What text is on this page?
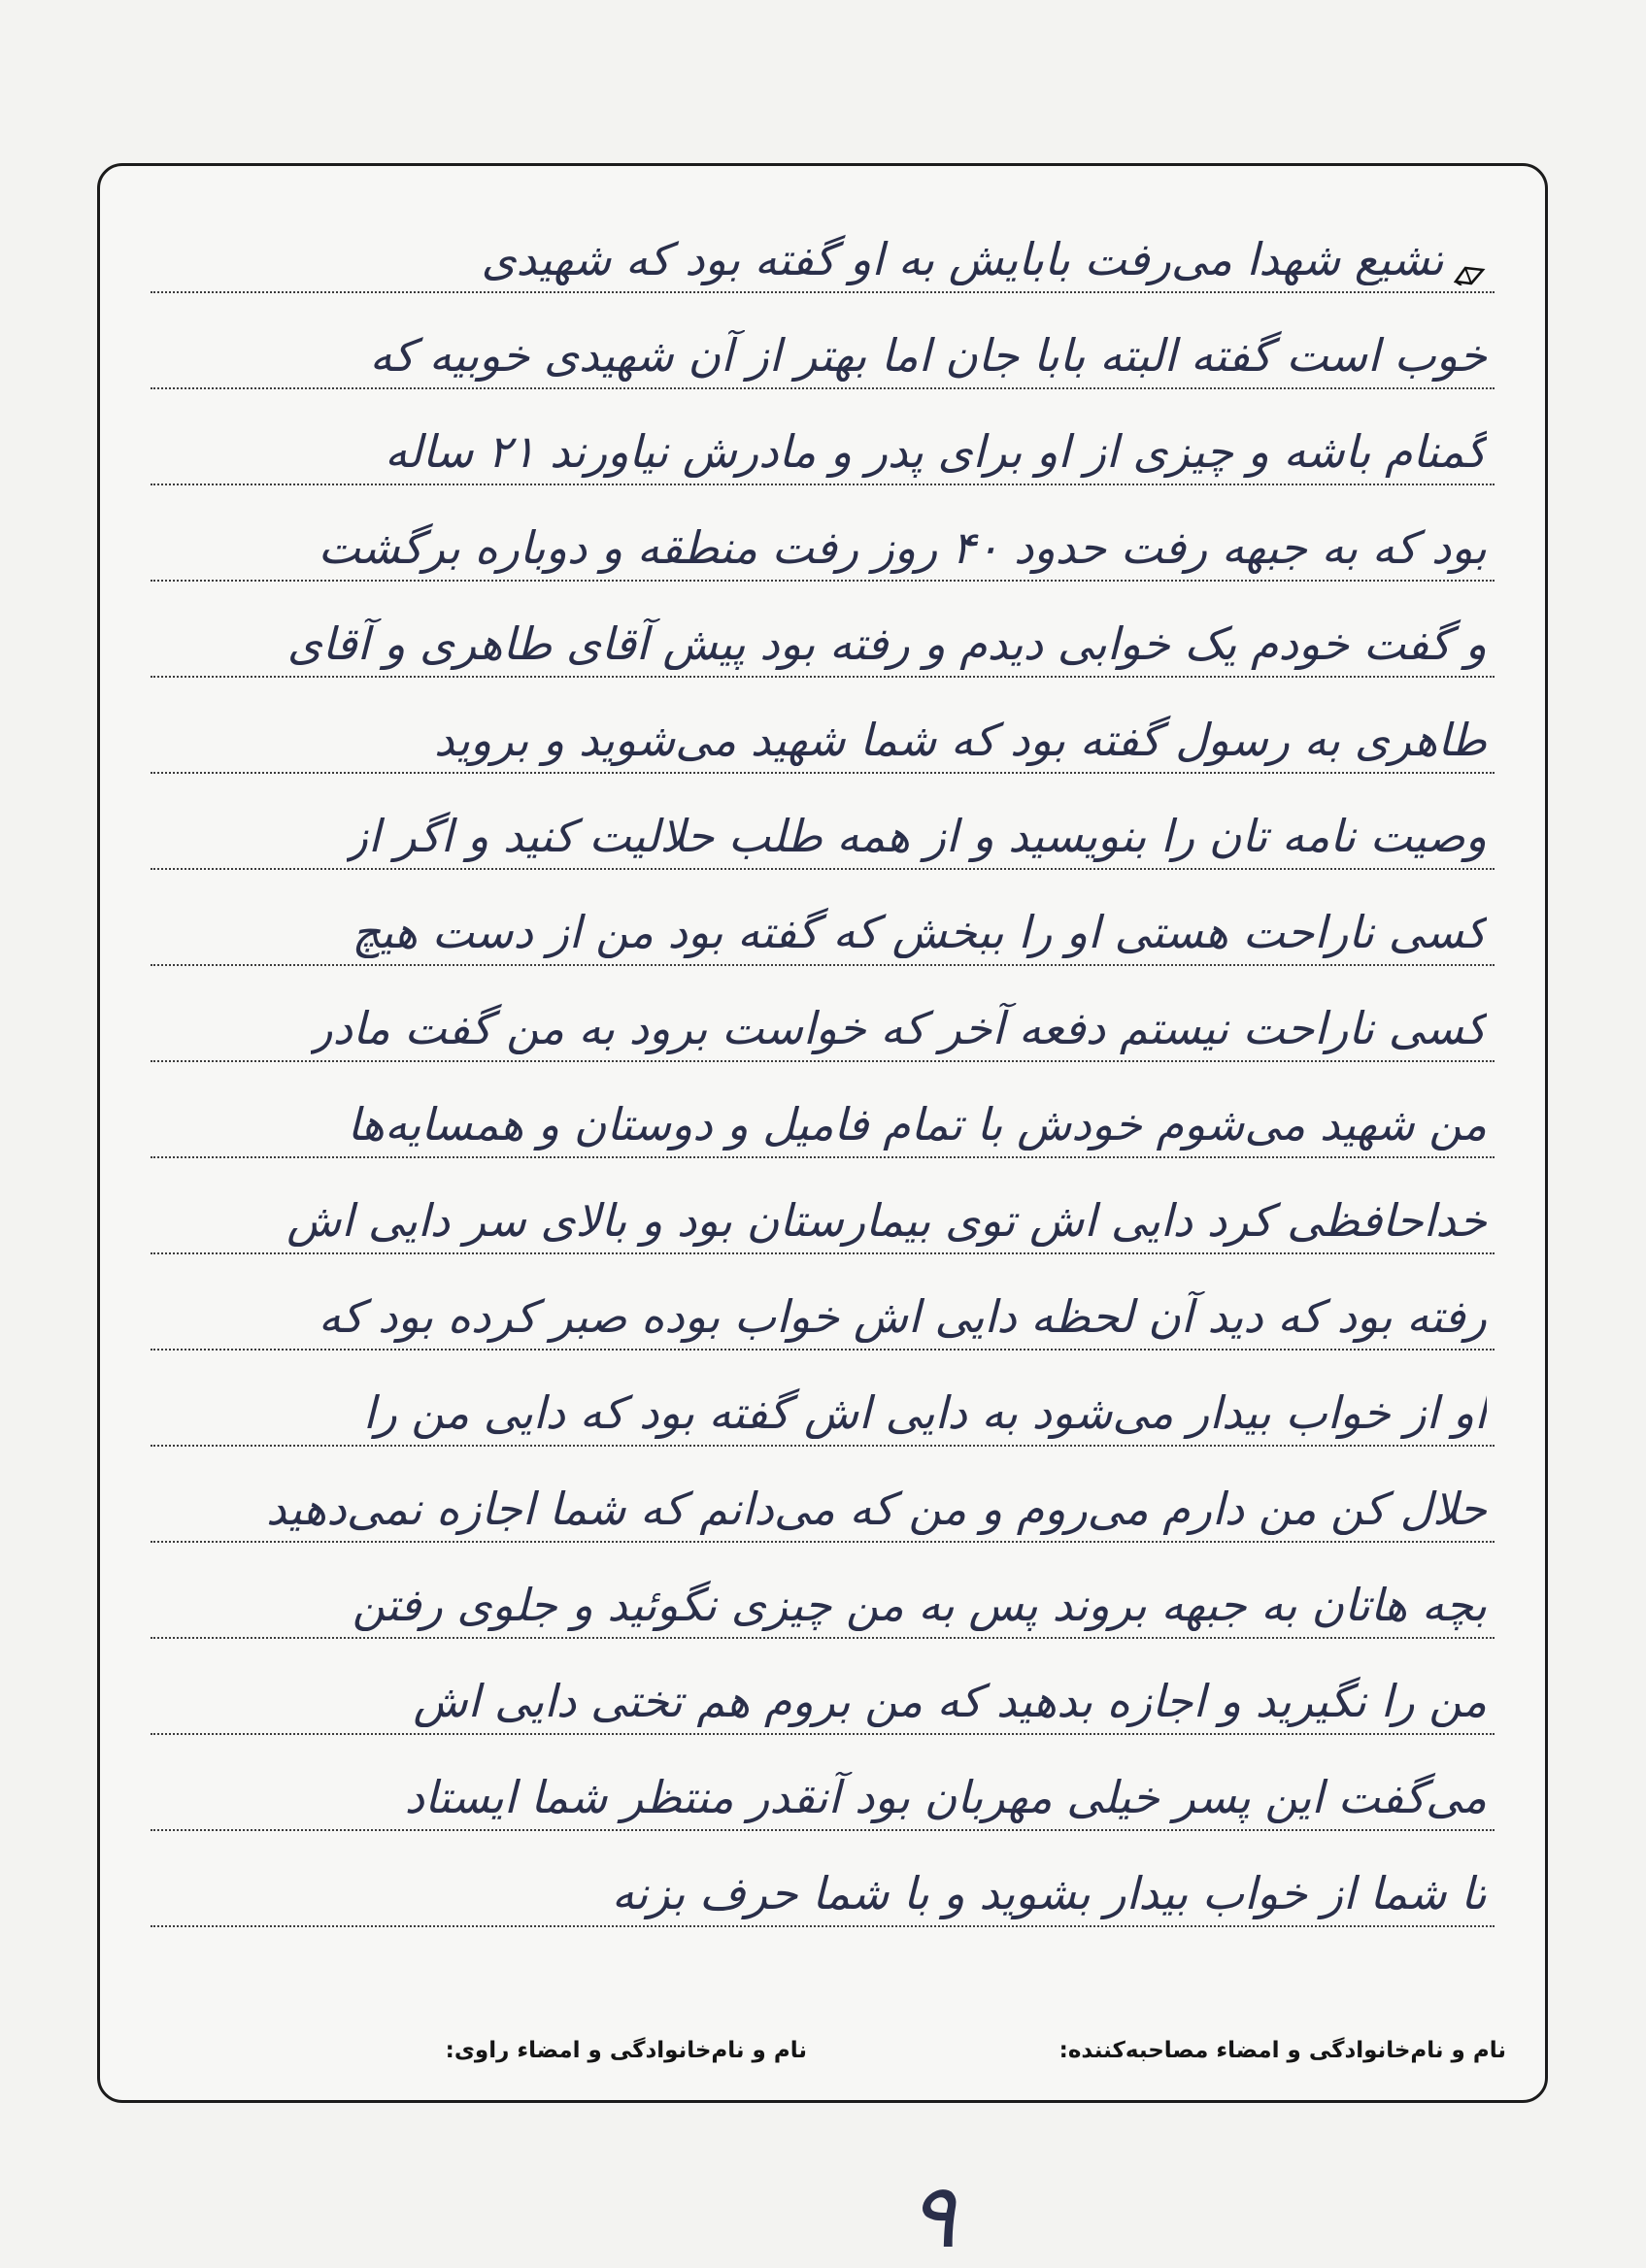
تشیع شهدا می‌رفت بابایش به او گفته بود که شهیدی
خوب است گفته البته بابا جان اما بهتر از آن شهیدی خوبیه که
گمنام باشه و چیزی از او برای پدر و مادرش نیاورند ۲۱ ساله
بود که به جبهه رفت حدود ۴۰ روز رفت منطقه و دوباره برگشت
و گفت خودم یک خوابی دیدم و رفته بود پیش آقای طاهری و آقای
طاهری به رسول گفته بود که شما شهید می‌شوید و بروید
وصیت نامه تان را بنویسید و از همه طلب حلالیت کنید و اگر از
کسی ناراحت هستی او را ببخش که گفته بود من از دست هیچ
کسی ناراحت نیستم دفعه آخر که خواست برود به من گفت مادر
من شهید می‌شوم خودش با تمام فامیل و دوستان و همسایه‌ها
خداحافظی کرد دایی اش توی بیمارستان بود و بالای سر دایی اش
رفته بود که دید آن لحظه دایی اش خواب بوده صبر کرده بود که
او از خواب بیدار می‌شود به دایی اش گفته بود که دایی من را
حلال کن من دارم می‌روم و من که می‌دانم که شما اجازه نمی‌دهید
بچه هاتان به جبهه بروند پس به من چیزی نگوئید و جلوی رفتن
من را نگیرید و اجازه بدهید که من بروم هم تختی دایی اش
می‌گفت این پسر خیلی مهربان بود آنقدر منتظر شما ایستاد
تا شما از خواب بیدار بشوید و با شما حرف بزنه
نام و نام‌خانوادگی و امضاء مصاحبه‌کننده:
نام و نام‌خانوادگی و امضاء راوی:
۹
